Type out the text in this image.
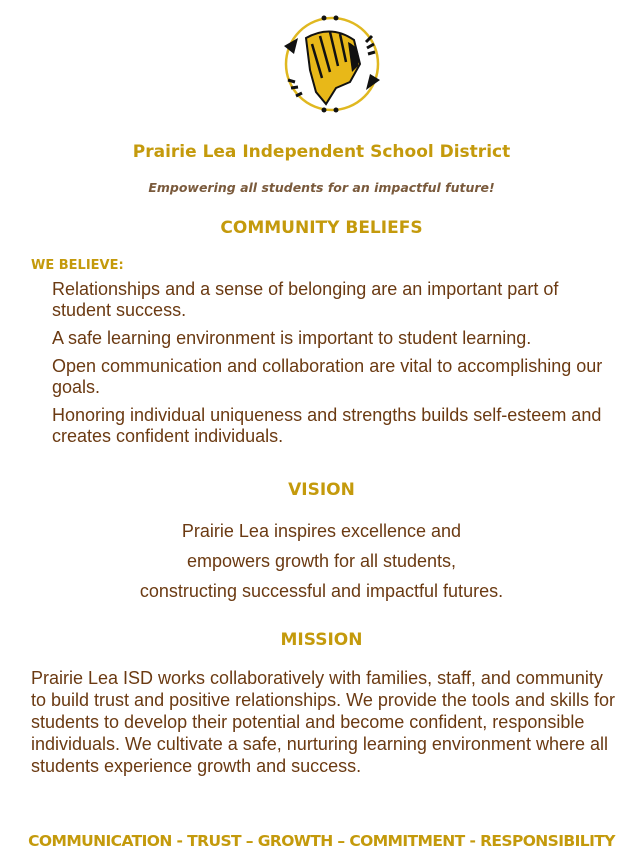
Prairie Lea Independent School District
Empowering all students for an impactful future!
COMMUNITY BELIEFS
WE BELIEVE:

Relationships and a sense of belonging are an important part of student success.

A safe learning environment is important to student learning.

Open communication and collaboration are vital to accomplishing our goals.

Honoring individual uniqueness and strengths builds self-esteem and creates confident individuals.

VISION
Prairie Lea inspires excellence and
empowers growth for all students,
constructing successful and impactful futures.
MISSION
Prairie Lea ISD works collaboratively with families, staff, and community to build trust and positive relationships. We provide the tools and skills for students to develop their potential and become confident, responsible individuals. We cultivate a safe, nurturing learning environment where all students experience growth and success.
COMMUNICATION - TRUST – GROWTH – COMMITMENT - RESPONSIBILITY
